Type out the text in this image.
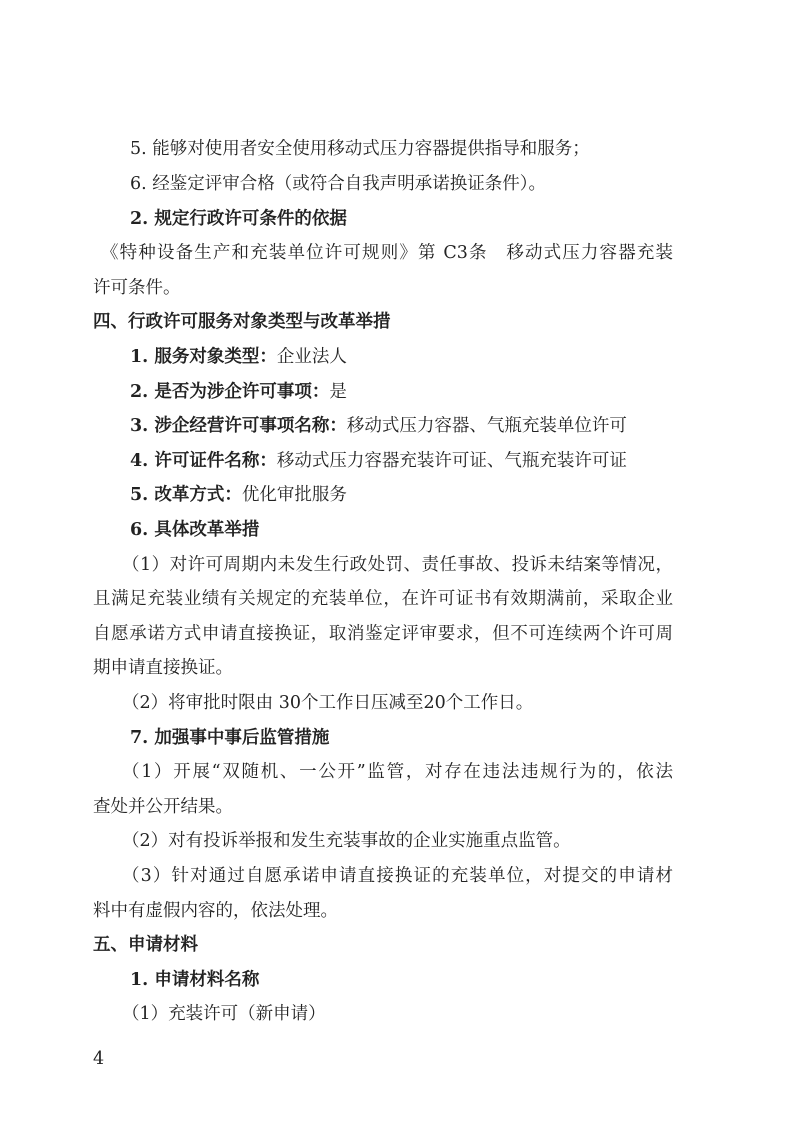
5. 能够对使用者安全使用移动式压力容器提供指导和服务；
6. 经鉴定评审合格（或符合自我声明承诺换证条件）。
2. 规定行政许可条件的依据
《特种设备生产和充装单位许可规则》第 C3条　移动式压力容器充装
许可条件。
四、行政许可服务对象类型与改革举措
1. 服务对象类型：企业法人
2. 是否为涉企许可事项：是
3. 涉企经营许可事项名称：移动式压力容器、气瓶充装单位许可
4. 许可证件名称：移动式压力容器充装许可证、气瓶充装许可证
5. 改革方式：优化审批服务
6. 具体改革举措
（1）对许可周期内未发生行政处罚、责任事故、投诉未结案等情况，
且满足充装业绩有关规定的充装单位，在许可证书有效期满前，采取企业
自愿承诺方式申请直接换证，取消鉴定评审要求，但不可连续两个许可周
期申请直接换证。
（2）将审批时限由 30个工作日压减至20个工作日。
7. 加强事中事后监管措施
（1）开展“双随机、一公开”监管，对存在违法违规行为的，依法
查处并公开结果。
（2）对有投诉举报和发生充装事故的企业实施重点监管。
（3）针对通过自愿承诺申请直接换证的充装单位，对提交的申请材
料中有虚假内容的，依法处理。
五、申请材料
1. 申请材料名称
（1）充装许可（新申请）
4
